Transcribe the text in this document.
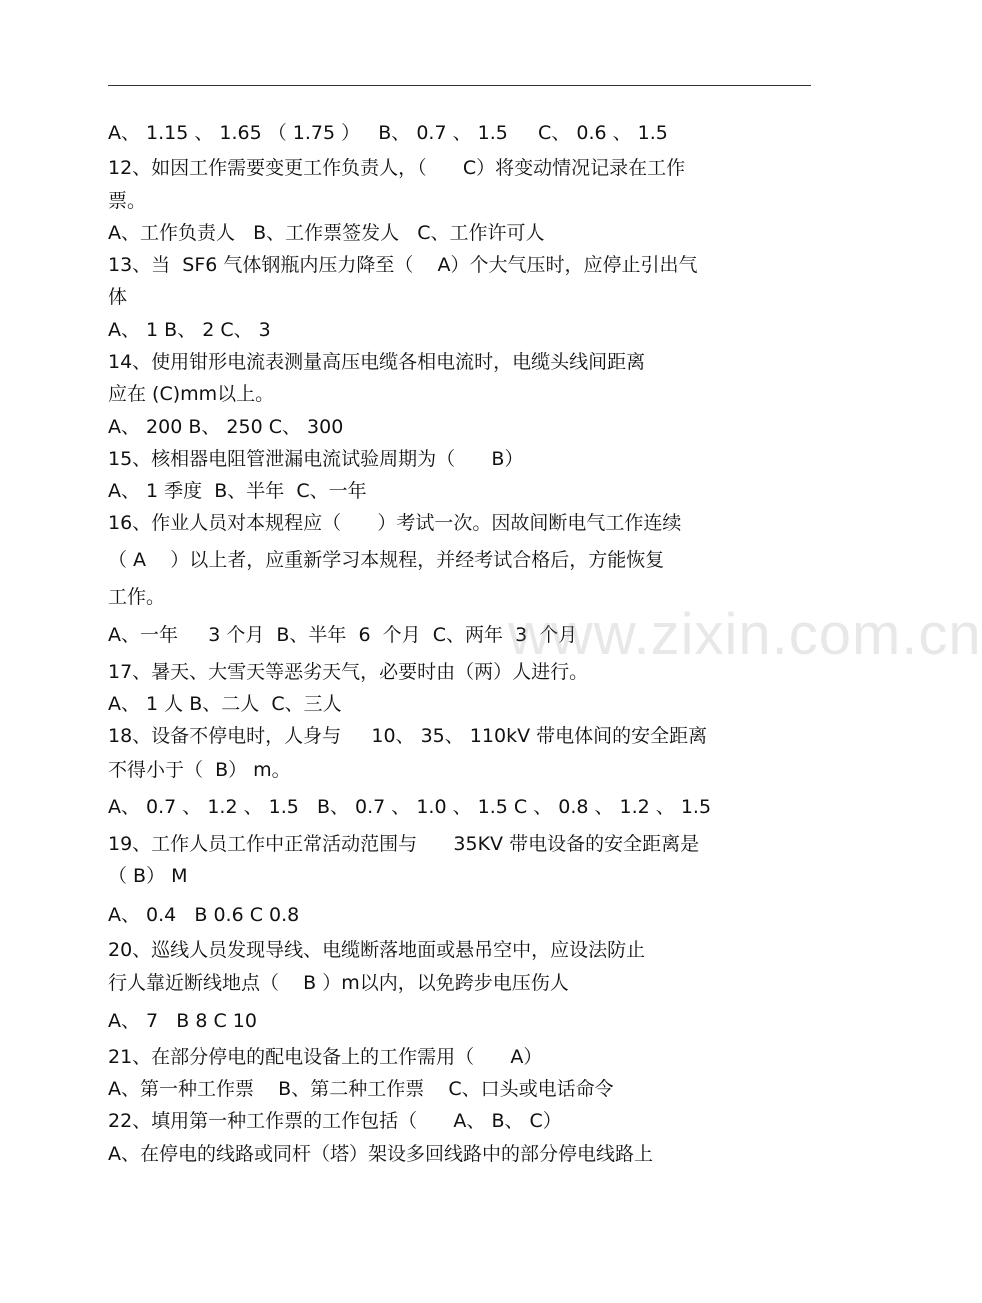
A、 1.15 、 1.65 （ 1.75 ）   B、 0.7 、 1.5     C、 0.6 、 1.5
12、如因工作需要变更工作负责人，（      C）将变动情况记录在工作
票。
A、工作负责人   B、工作票签发人   C、工作许可人
13、当  SF6 气体钢瓶内压力降至（    A）个大气压时，应停止引出气
体
A、 1 B、 2 C、 3
14、使用钳形电流表测量高压电缆各相电流时，电缆头线间距离
应在 (C)mm以上。
A、 200 B、 250 C、 300
15、核相器电阻管泄漏电流试验周期为（      B）
A、 1 季度  B、半年  C、一年
16、作业人员对本规程应（      ）考试一次。因故间断电气工作连续
（ A    ）以上者，应重新学习本规程，并经考试合格后，方能恢复
工作。
A、一年     3 个月  B、半年  6  个月  C、两年  3  个月
17、暑天、大雪天等恶劣天气，必要时由（两）人进行。
A、 1 人 B、二人  C、三人
18、设备不停电时，人身与     10、 35、 110kV 带电体间的安全距离
不得小于（  B） m。
A、 0.7 、 1.2 、 1.5   B、 0.7 、 1.0 、 1.5 C 、 0.8 、 1.2 、 1.5
19、工作人员工作中正常活动范围与      35KV 带电设备的安全距离是
（ B） M
A、 0.4   B 0.6 C 0.8
20、巡线人员发现导线、电缆断落地面或悬吊空中，应设法防止
行人靠近断线地点（    B ）m以内，以免跨步电压伤人
A、 7   B 8 C 10
21、在部分停电的配电设备上的工作需用（      A）
A、第一种工作票    B、第二种工作票    C、口头或电话命令
22、填用第一种工作票的工作包括（      A、 B、 C）
A、在停电的线路或同杆（塔）架设多回线路中的部分停电线路上
www.zixin.com.cn
